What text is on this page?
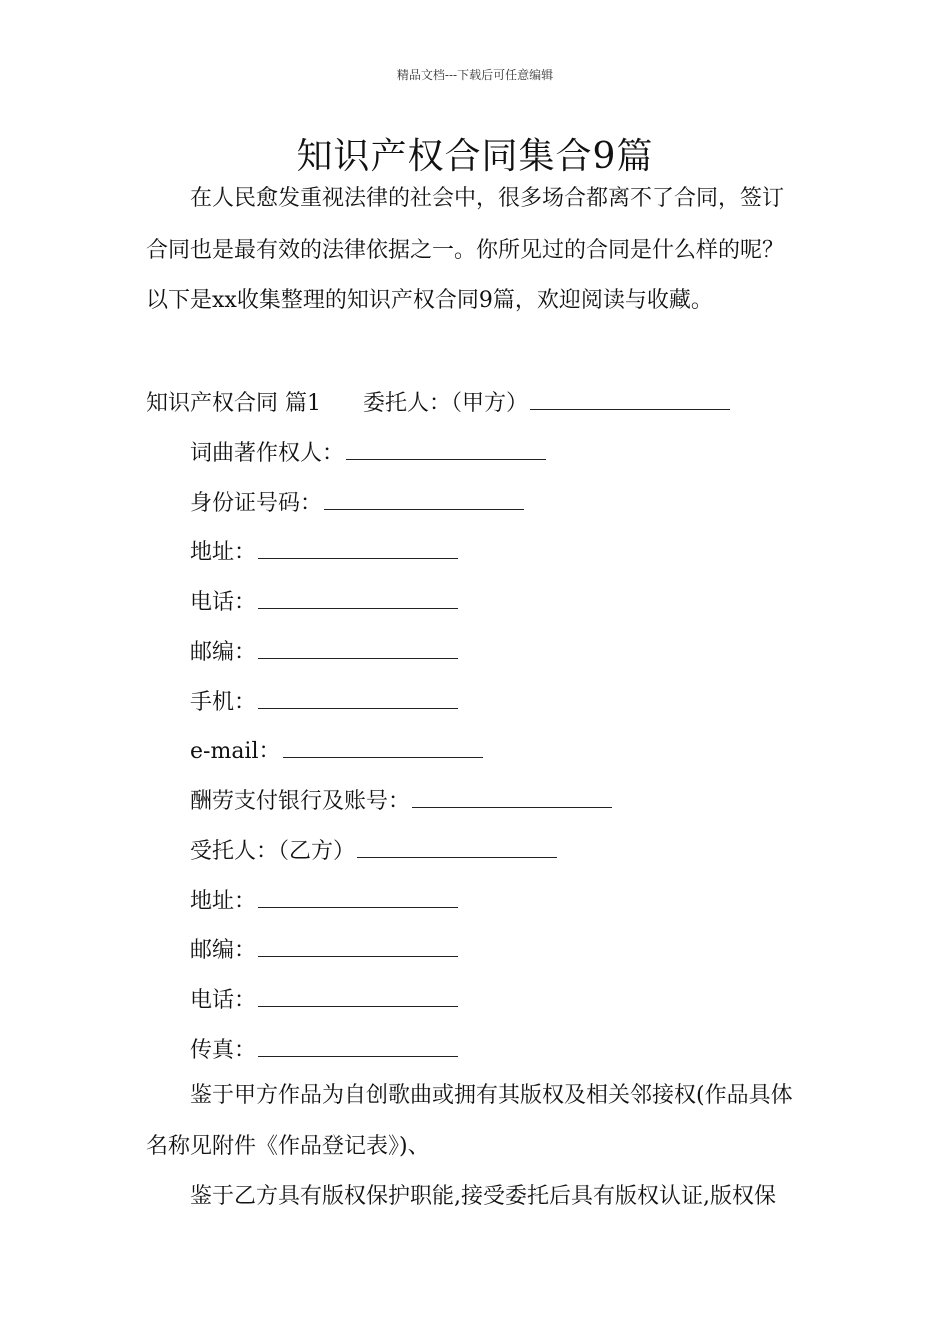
精品文档---下载后可任意编辑
知识产权合同集合9篇
在人民愈发重视法律的社会中，很多场合都离不了合同，签订
合同也是最有效的法律依据之一。你所见过的合同是什么样的呢？
以下是xx收集整理的知识产权合同9篇，欢迎阅读与收藏。
知识产权合同 篇1 委托人：（甲方）
词曲著作权人：
身份证号码：
地址：
电话：
邮编：
手机：
e-mail：
酬劳支付银行及账号：
受托人：（乙方）
地址：
邮编：
电话：
传真：
鉴于甲方作品为自创歌曲或拥有其版权及相关邻接权(作品具体
名称见附件《作品登记表》)、
鉴于乙方具有版权保护职能,接受委托后具有版权认证,版权保
